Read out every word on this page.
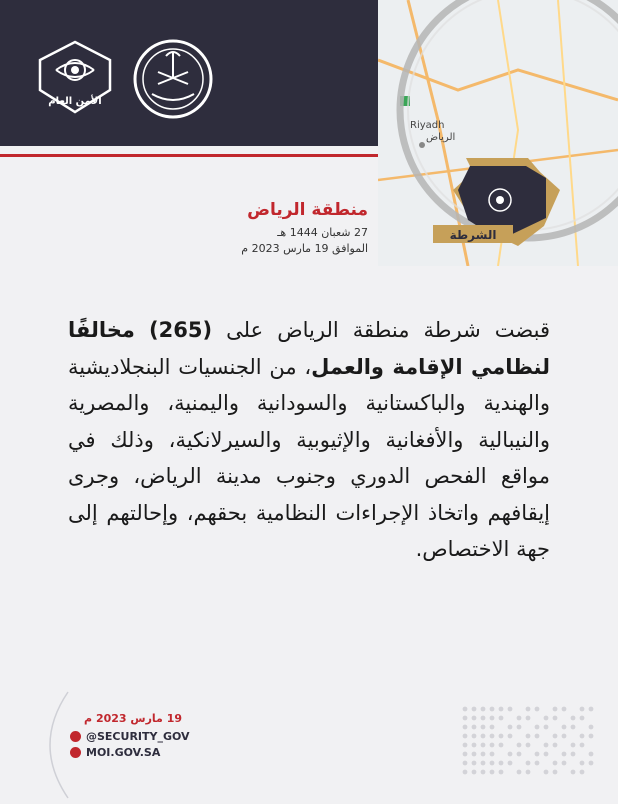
الأمن العام
Riyadh
الرياض
الشرطة
منطقة الرياض
27 شعبان 1444 هـ
الموافق 19 مارس 2023 م
قبضت شرطة منطقة الرياض على (265) مخالفًا لنظامي الإقامة والعمل، من الجنسيات البنجلاديشية والهندية والباكستانية والسودانية واليمنية، والمصرية والنيبالية والأفغانية والإثيوبية والسيرلانكية، وذلك في مواقع الفحص الدوري وجنوب مدينة الرياض، وجرى إيقافهم واتخاذ الإجراءات النظامية بحقهم، وإحالتهم إلى جهة الاختصاص.
19 مارس 2023 م
@SECURITY_GOV
MOI.GOV.SA
